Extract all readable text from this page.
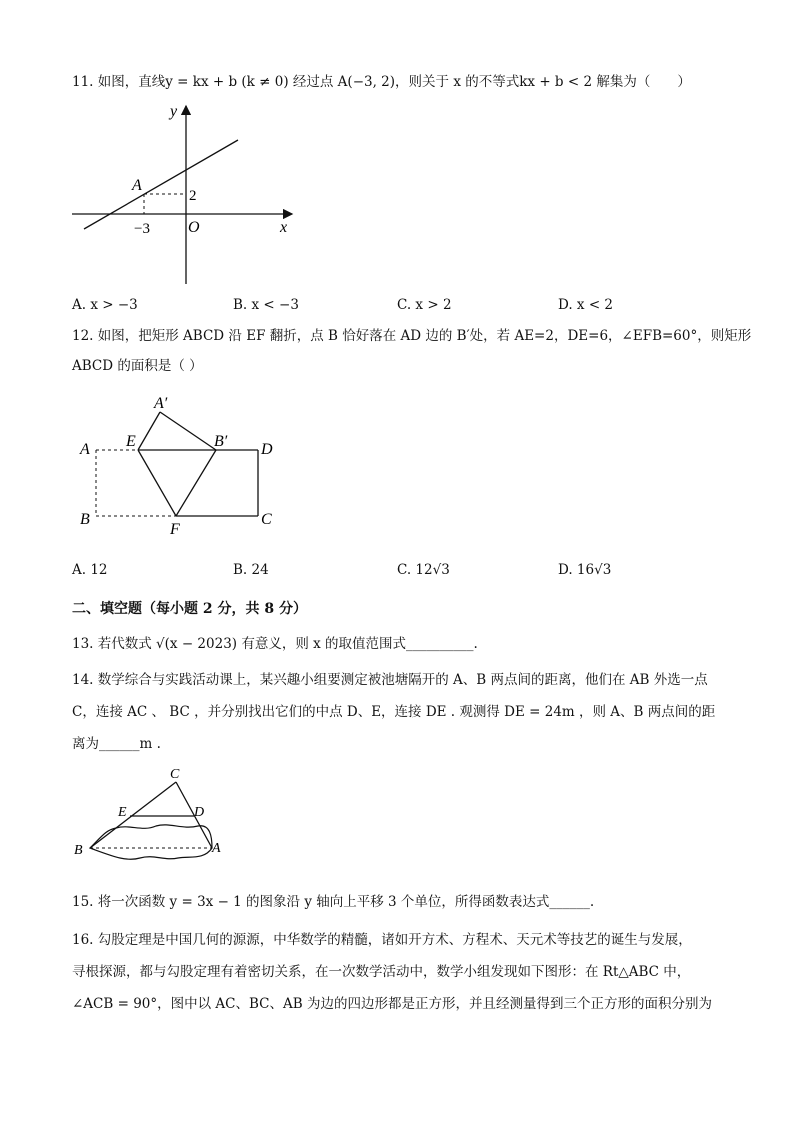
11. 如图，直线y = kx + b (k ≠ 0) 经过点 A(−3, 2)，则关于 x 的不等式kx + b < 2 解集为（　　）
y
x
O
A
−3
2
A. x > −3	B. x < −3	C. x > 2	D. x < 2
12. 如图，把矩形 ABCD 沿 EF 翻折，点 B 恰好落在 AD 边的 B′处，若 AE=2，DE=6，∠EFB=60°，则矩形
ABCD 的面积是（ ）
A′
A E	B′ D
B
F
C
A. 12	B. 24	C. 12√3	D. 16√3
二、填空题（每小题 2 分，共 8 分）
13. 若代数式 √(x − 2023) 有意义，则 x 的取值范围式__________.
14. 数学综合与实践活动课上，某兴趣小组要测定被池塘隔开的 A、B 两点间的距离，他们在 AB 外选一点
C，连接 AC 、 BC ，并分别找出它们的中点 D、E，连接 DE . 观测得 DE = 24m ，则 A、B 两点间的距
离为______m .
C
E	D
B	A
15. 将一次函数 y = 3x − 1 的图象沿 y 轴向上平移 3 个单位，所得函数表达式______.
16. 勾股定理是中国几何的源源，中华数学的精髓，诸如开方术、方程术、天元术等技艺的诞生与发展，
寻根探源，都与勾股定理有着密切关系，在一次数学活动中，数学小组发现如下图形：在 Rt△ABC 中，
∠ACB = 90°，图中以 AC、BC、AB 为边的四边形都是正方形，并且经测量得到三个正方形的面积分别为
